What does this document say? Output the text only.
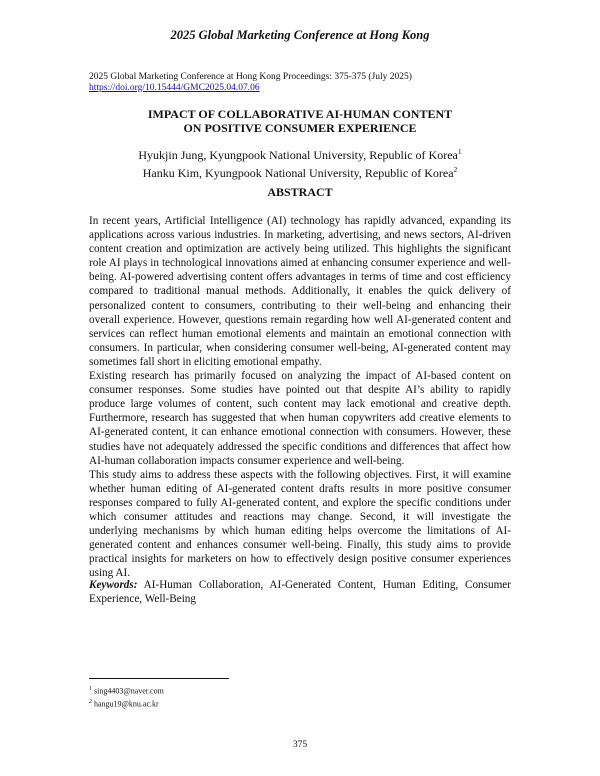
2025 Global Marketing Conference at Hong Kong
2025 Global Marketing Conference at Hong Kong Proceedings: 375-375 (July 2025)
https://doi.org/10.15444/GMC2025.04.07.06
IMPACT OF COLLABORATIVE AI-HUMAN CONTENT
ON POSITIVE CONSUMER EXPERIENCE
Hyukjin Jung, Kyungpook National University, Republic of Korea$^1$
Hanku Kim, Kyungpook National University, Republic of Korea$^2$
ABSTRACT

In recent years, Artificial Intelligence (AI) technology has rapidly advanced, expanding its applications across various industries. In marketing, advertising, and news sectors, AI-driven content creation and optimization are actively being utilized. This highlights the significant role AI plays in technological innovations aimed at enhancing consumer experience and well-being. AI-powered advertising content offers advantages in terms of time and cost efficiency compared to traditional manual methods. Additionally, it enables the quick delivery of personalized content to consumers, contributing to their well-being and enhancing their overall experience. However, questions remain regarding how well AI-generated content and services can reflect human emotional elements and maintain an emotional connection with consumers. In particular, when considering consumer well-being, AI-generated content may sometimes fall short in eliciting emotional empathy.

Existing research has primarily focused on analyzing the impact of AI-based content on consumer responses. Some studies have pointed out that despite AI’s ability to rapidly produce large volumes of content, such content may lack emotional and creative depth. Furthermore, research has suggested that when human copywriters add creative elements to AI-generated content, it can enhance emotional connection with consumers. However, these studies have not adequately addressed the specific conditions and differences that affect how AI-human collaboration impacts consumer experience and well-being.

This study aims to address these aspects with the following objectives. First, it will examine whether human editing of AI-generated content drafts results in more positive consumer responses compared to fully AI-generated content, and explore the specific conditions under which consumer attitudes and reactions may change. Second, it will investigate the underlying mechanisms by which human editing helps overcome the limitations of AI-generated content and enhances consumer well-being. Finally, this study aims to provide practical insights for marketers on how to effectively design positive consumer experiences using AI.

Keywords: AI-Human Collaboration, AI-Generated Content, Human Editing, Consumer Experience, Well-Being
$^1$ sing4403@naver.com
$^2$ hangu19@knu.ac.kr
375
